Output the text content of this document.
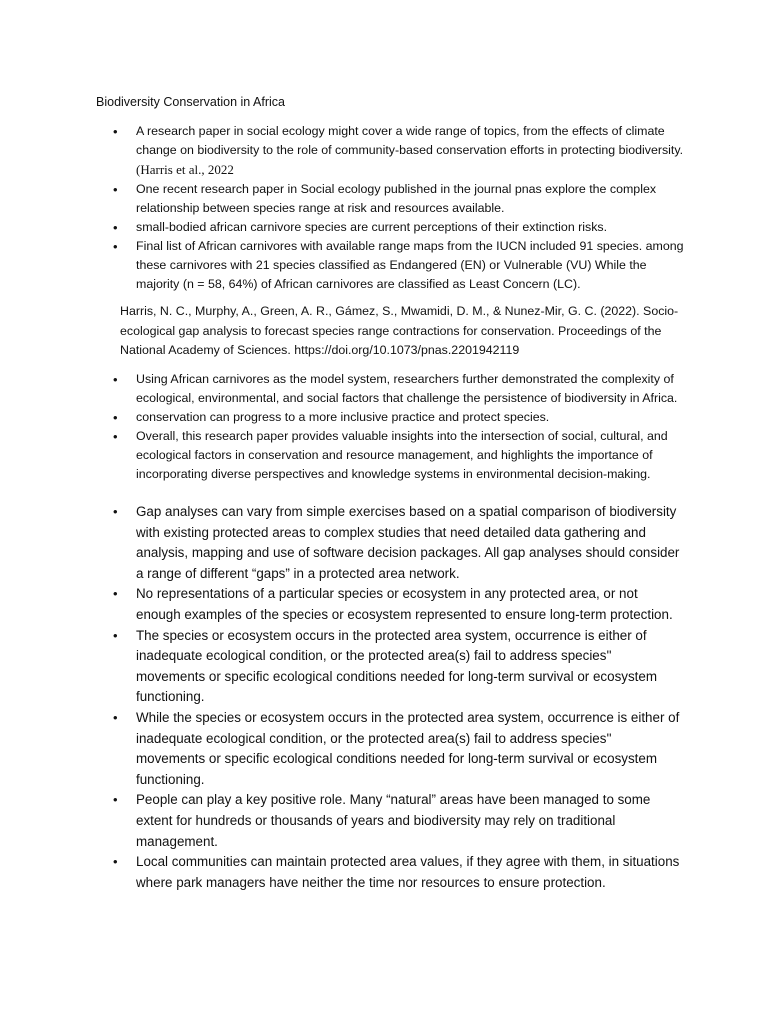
Biodiversity Conservation in Africa
• A research paper in social ecology might cover a wide range of topics, from the effects of climate change on biodiversity to the role of community-based conservation efforts in protecting biodiversity. (Harris et al., 2022
• One recent research paper in Social ecology published in the journal pnas explore the complex relationship between species range at risk and resources available.
• small-bodied african carnivore species are current perceptions of their extinction risks.
• Final list of African carnivores with available range maps from the IUCN included 91 species. among these carnivores with 21 species classified as Endangered (EN) or Vulnerable (VU) While the majority (n = 58, 64%) of African carnivores are classified as Least Concern (LC).
Harris, N. C., Murphy, A., Green, A. R., Gámez, S., Mwamidi, D. M., & Nunez-Mir, G. C. (2022). Socio-ecological gap analysis to forecast species range contractions for conservation. Proceedings of the National Academy of Sciences. https://doi.org/10.1073/pnas.2201942119
• Using African carnivores as the model system, researchers further demonstrated the complexity of ecological, environmental, and social factors that challenge the persistence of biodiversity in Africa.
• conservation can progress to a more inclusive practice and protect species.
• Overall, this research paper provides valuable insights into the intersection of social, cultural, and ecological factors in conservation and resource management, and highlights the importance of incorporating diverse perspectives and knowledge systems in environmental decision-making.
• Gap analyses can vary from simple exercises based on a spatial comparison of biodiversity with existing protected areas to complex studies that need detailed data gathering and analysis, mapping and use of software decision packages. All gap analyses should consider a range of different “gaps” in a protected area network.
• No representations of a particular species or ecosystem in any protected area, or not enough examples of the species or ecosystem represented to ensure long-term protection.
• The species or ecosystem occurs in the protected area system, occurrence is either of inadequate ecological condition, or the protected area(s) fail to address species'' movements or specific ecological conditions needed for long-term survival or ecosystem functioning.
• While the species or ecosystem occurs in the protected area system, occurrence is either of inadequate ecological condition, or the protected area(s) fail to address species'' movements or specific ecological conditions needed for long-term survival or ecosystem functioning.
• People can play a key positive role. Many “natural” areas have been managed to some extent for hundreds or thousands of years and biodiversity may rely on traditional management.
• Local communities can maintain protected area values, if they agree with them, in situations where park managers have neither the time nor resources to ensure protection.
